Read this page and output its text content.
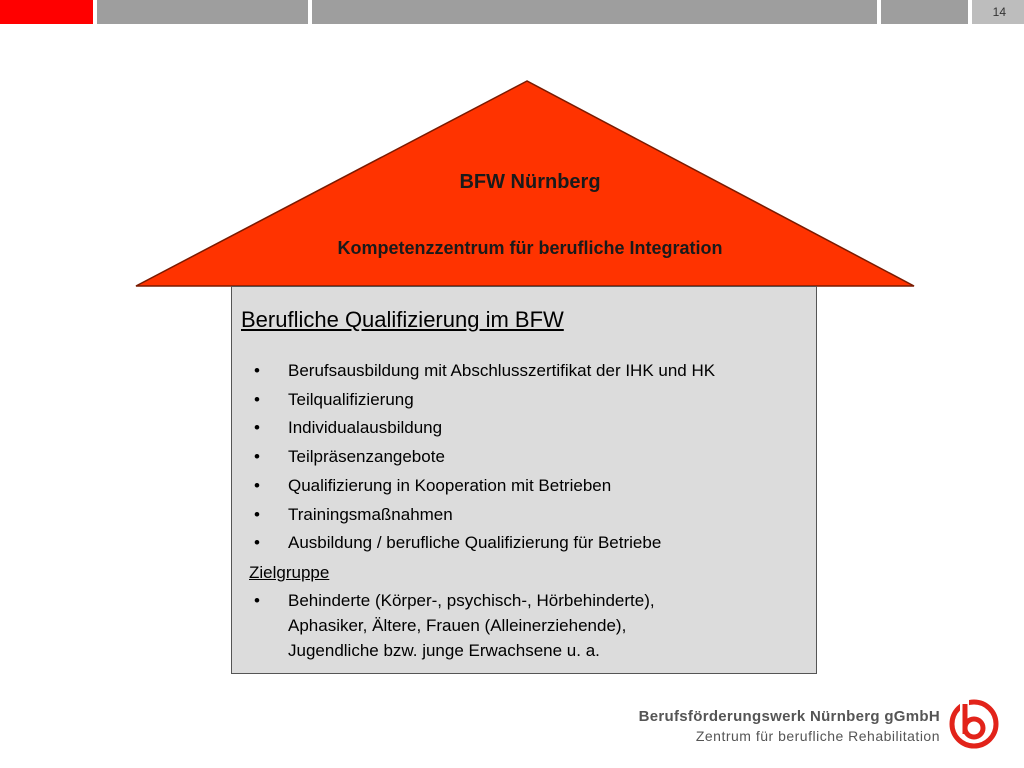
14
BFW Nürnberg
Kompetenzzentrum für berufliche Integration
Berufliche Qualifizierung im BFW
• Berufsausbildung mit Abschlusszertifikat der IHK und HK
• Teilqualifizierung
• Individualausbildung
• Teilpräsenzangebote
• Qualifizierung in Kooperation mit Betrieben
• Trainingsmaßnahmen
• Ausbildung / berufliche Qualifizierung für Betriebe
Zielgruppe
• Behinderte (Körper-, psychisch-, Hörbehinderte),
Aphasiker, Ältere, Frauen (Alleinerziehende),
Jugendliche bzw. junge Erwachsene u. a.
Berufsförderungswerk Nürnberg gGmbH
Zentrum für berufliche Rehabilitation
